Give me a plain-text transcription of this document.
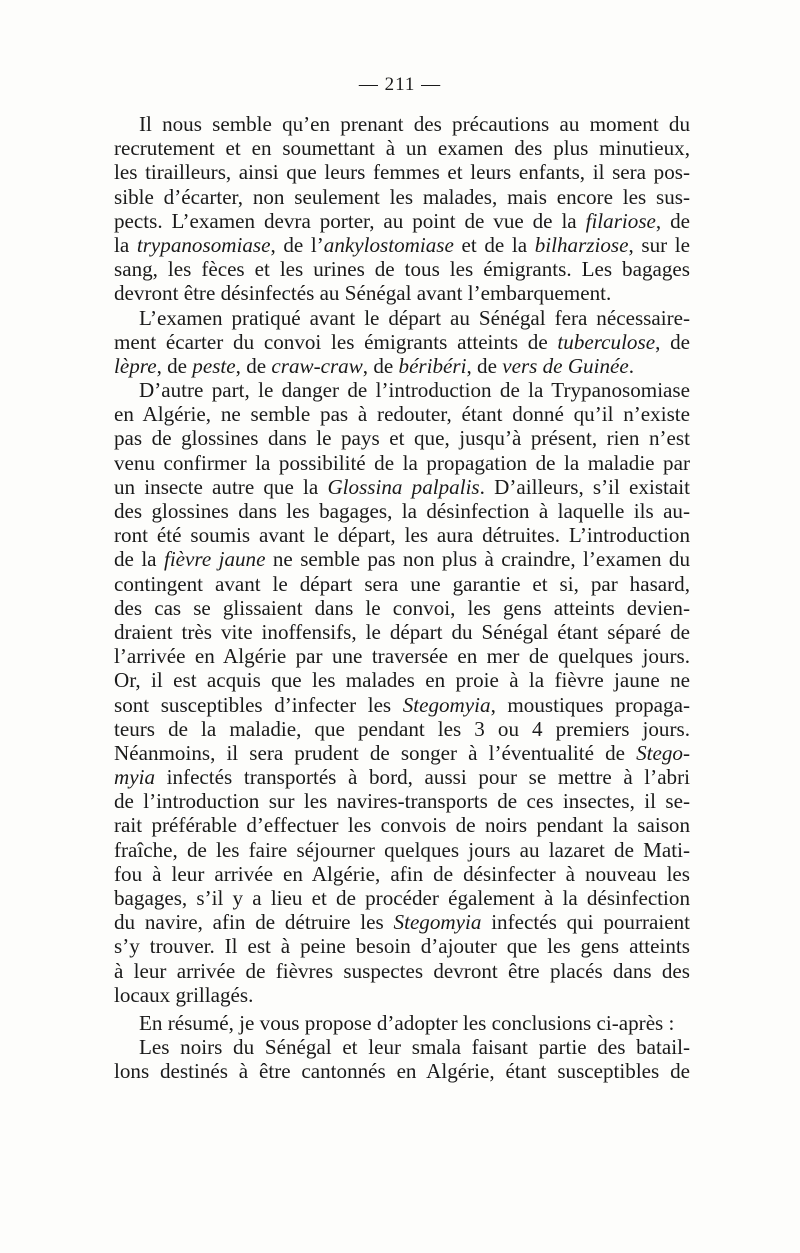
— 211 —
Il nous semble qu’en prenant des précautions au moment du
recrutement et en soumettant à un examen des plus minutieux,
les tirailleurs, ainsi que leurs femmes et leurs enfants, il sera pos-
sible d’écarter, non seulement les malades, mais encore les sus-
pects. L’examen devra porter, au point de vue de la filariose, de
la trypanosomiase, de l’ankylostomiase et de la bilharziose, sur le
sang, les fèces et les urines de tous les émigrants. Les bagages
devront être désinfectés au Sénégal avant l’embarquement.
L’examen pratiqué avant le départ au Sénégal fera nécessaire-
ment écarter du convoi les émigrants atteints de tuberculose, de
lèpre, de peste, de craw-craw, de béribéri, de vers de Guinée.
D’autre part, le danger de l’introduction de la Trypanosomiase
en Algérie, ne semble pas à redouter, étant donné qu’il n’existe
pas de glossines dans le pays et que, jusqu’à présent, rien n’est
venu confirmer la possibilité de la propagation de la maladie par
un insecte autre que la Glossina palpalis. D’ailleurs, s’il existait
des glossines dans les bagages, la désinfection à laquelle ils au-
ront été soumis avant le départ, les aura détruites. L’introduction
de la fièvre jaune ne semble pas non plus à craindre, l’examen du
contingent avant le départ sera une garantie et si, par hasard,
des cas se glissaient dans le convoi, les gens atteints devien-
draient très vite inoffensifs, le départ du Sénégal étant séparé de
l’arrivée en Algérie par une traversée en mer de quelques jours.
Or, il est acquis que les malades en proie à la fièvre jaune ne
sont susceptibles d’infecter les Stegomyia, moustiques propaga-
teurs de la maladie, que pendant les 3 ou 4 premiers jours.
Néanmoins, il sera prudent de songer à l’éventualité de Stego-
myia infectés transportés à bord, aussi pour se mettre à l’abri
de l’introduction sur les navires-transports de ces insectes, il se-
rait préférable d’effectuer les convois de noirs pendant la saison
fraîche, de les faire séjourner quelques jours au lazaret de Mati-
fou à leur arrivée en Algérie, afin de désinfecter à nouveau les
bagages, s’il y a lieu et de procéder également à la désinfection
du navire, afin de détruire les Stegomyia infectés qui pourraient
s’y trouver. Il est à peine besoin d’ajouter que les gens atteints
à leur arrivée de fièvres suspectes devront être placés dans des
locaux grillagés.
En résumé, je vous propose d’adopter les conclusions ci-après :
Les noirs du Sénégal et leur smala faisant partie des batail-
lons destinés à être cantonnés en Algérie, étant susceptibles de
